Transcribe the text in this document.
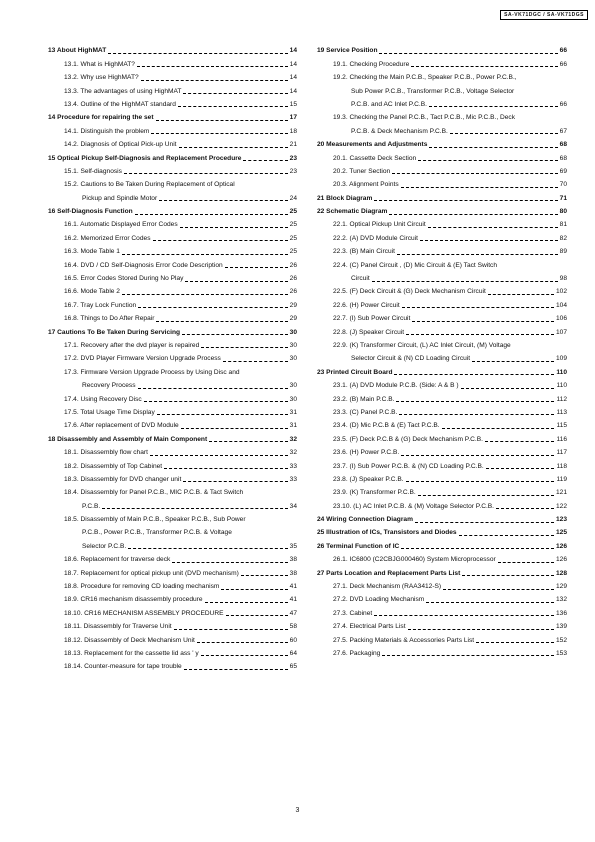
SA-VK71DGC / SA-VK71DGS
13 About HighMAT	14
13.1. What is HighMAT?	14
13.2. Why use HighMAT?	14
13.3. The advantages of using HighMAT	14
13.4. Outline of the HighMAT standard	15
14 Procedure for repairing the set	17
14.1. Distinguish the problem	18
14.2. Diagnosis of Optical Pick-up Unit	21
15 Optical Pickup Self-Diagnosis and Replacement Procedure	23
15.1. Self-diagnosis	23
15.2. Cautions to Be Taken During Replacement of Optical
Pickup and Spindle Motor	24
16 Self-Diagnosis Function	25
16.1. Automatic Displayed Error Codes	25
16.2. Memorized Error Codes	25
16.3. Mode Table 1	25
16.4. DVD / CD Self-Diagnosis Error Code Description	26
16.5. Error Codes Stored During No Play	26
16.6. Mode Table 2	26
16.7. Tray Lock Function	29
16.8. Things to Do After Repair	29
17 Cautions To Be Taken During Servicing	30
17.1. Recovery after the dvd player is repaired	30
17.2. DVD Player Firmware Version Upgrade Process	30
17.3. Firmware Version Upgrade Process by Using Disc and
Recovery Process	30
17.4. Using Recovery Disc	30
17.5. Total Usage Time Display	31
17.6. After replacement of DVD Module	31
18 Disassembly and Assembly of Main Component	32
18.1. Disassembly flow chart	32
18.2. Disassembly of Top Cabinet	33
18.3. Disassembly for DVD changer unit	33
18.4. Disassembly for Panel P.C.B., MIC P.C.B. & Tact Switch
P.C.B.	34
18.5. Disassembly of Main P.C.B., Speaker P.C.B., Sub Power
P.C.B., Power P.C.B., Transformer P.C.B. & Voltage
Selector P.C.B.	35
18.6. Replacement for traverse deck	38
18.7. Replacement for optical pickup unit (DVD mechanism)	38
18.8. Procedure for removing CD loading mechanism	41
18.9. CR16 mechanism disassembly procedure	41
18.10. CR16 MECHANISM ASSEMBLY PROCEDURE	47
18.11. Disassembly for Traverse Unit	58
18.12. Disassembly of Deck Mechanism Unit	60
18.13. Replacement for the cassette lid ass ' y	64
18.14. Counter-measure for tape trouble	65
19 Service Position	66
19.1. Checking Procedure	66
19.2. Checking the Main P.C.B., Speaker P.C.B., Power P.C.B.,
Sub Power P.C.B., Transformer P.C.B., Voltage Selector
P.C.B. and AC Inlet P.C.B.	66
19.3. Checking the Panel P.C.B., Tact P.C.B., Mic P.C.B., Deck
P.C.B. & Deck Mechanism P.C.B.	67
20 Measurements and Adjustments	68
20.1. Cassette Deck Section	68
20.2. Tuner Section	69
20.3. Alignment Points	70
21 Block Diagram	71
22 Schematic Diagram	80
22.1. Optical Pickup Unit Circuit	81
22.2. (A) DVD Module Circuit	82
22.3. (B) Main Circuit	89
22.4. (C) Panel Circuit , (D) Mic Circuit & (E) Tact Switch
Circuit	98
22.5. (F) Deck Circuit & (G) Deck Mechanism Circuit	102
22.6. (H) Power Circuit	104
22.7. (I) Sub Power Circuit	106
22.8. (J) Speaker Circuit	107
22.9. (K) Transformer Circuit, (L) AC Inlet Circuit, (M) Voltage
Selector Circuit & (N) CD Loading Circuit	109
23 Printed Circuit Board	110
23.1. (A) DVD Module P.C.B. (Side: A & B )	110
23.2. (B) Main P.C.B.	112
23.3. (C) Panel P.C.B.	113
23.4. (D) Mic P.C.B & (E) Tact P.C.B.	115
23.5. (F) Deck P.C.B & (G) Deck Mechanism P.C.B.	116
23.6. (H) Power P.C.B.	117
23.7. (I) Sub Power P.C.B. & (N) CD Loading P.C.B.	118
23.8. (J) Speaker P.C.B.	119
23.9. (K) Transformer P.C.B.	121
23.10. (L) AC Inlet P.C.B. & (M) Voltage Selector P.C.B.	122
24 Wiring Connection Diagram	123
25 Illustration of ICs, Transistors and Diodes	125
26 Terminal Function of IC	126
26.1. IC6800 (C2CBJG000460) System Microprocessor	126
27 Parts Location and Replacement Parts List	128
27.1. Deck Mechanism (RAA3412-S)	129
27.2. DVD Loading Mechanism	132
27.3. Cabinet	136
27.4. Electrical Parts List	139
27.5. Packing Materials & Accessories Parts List	152
27.6. Packaging	153
3
